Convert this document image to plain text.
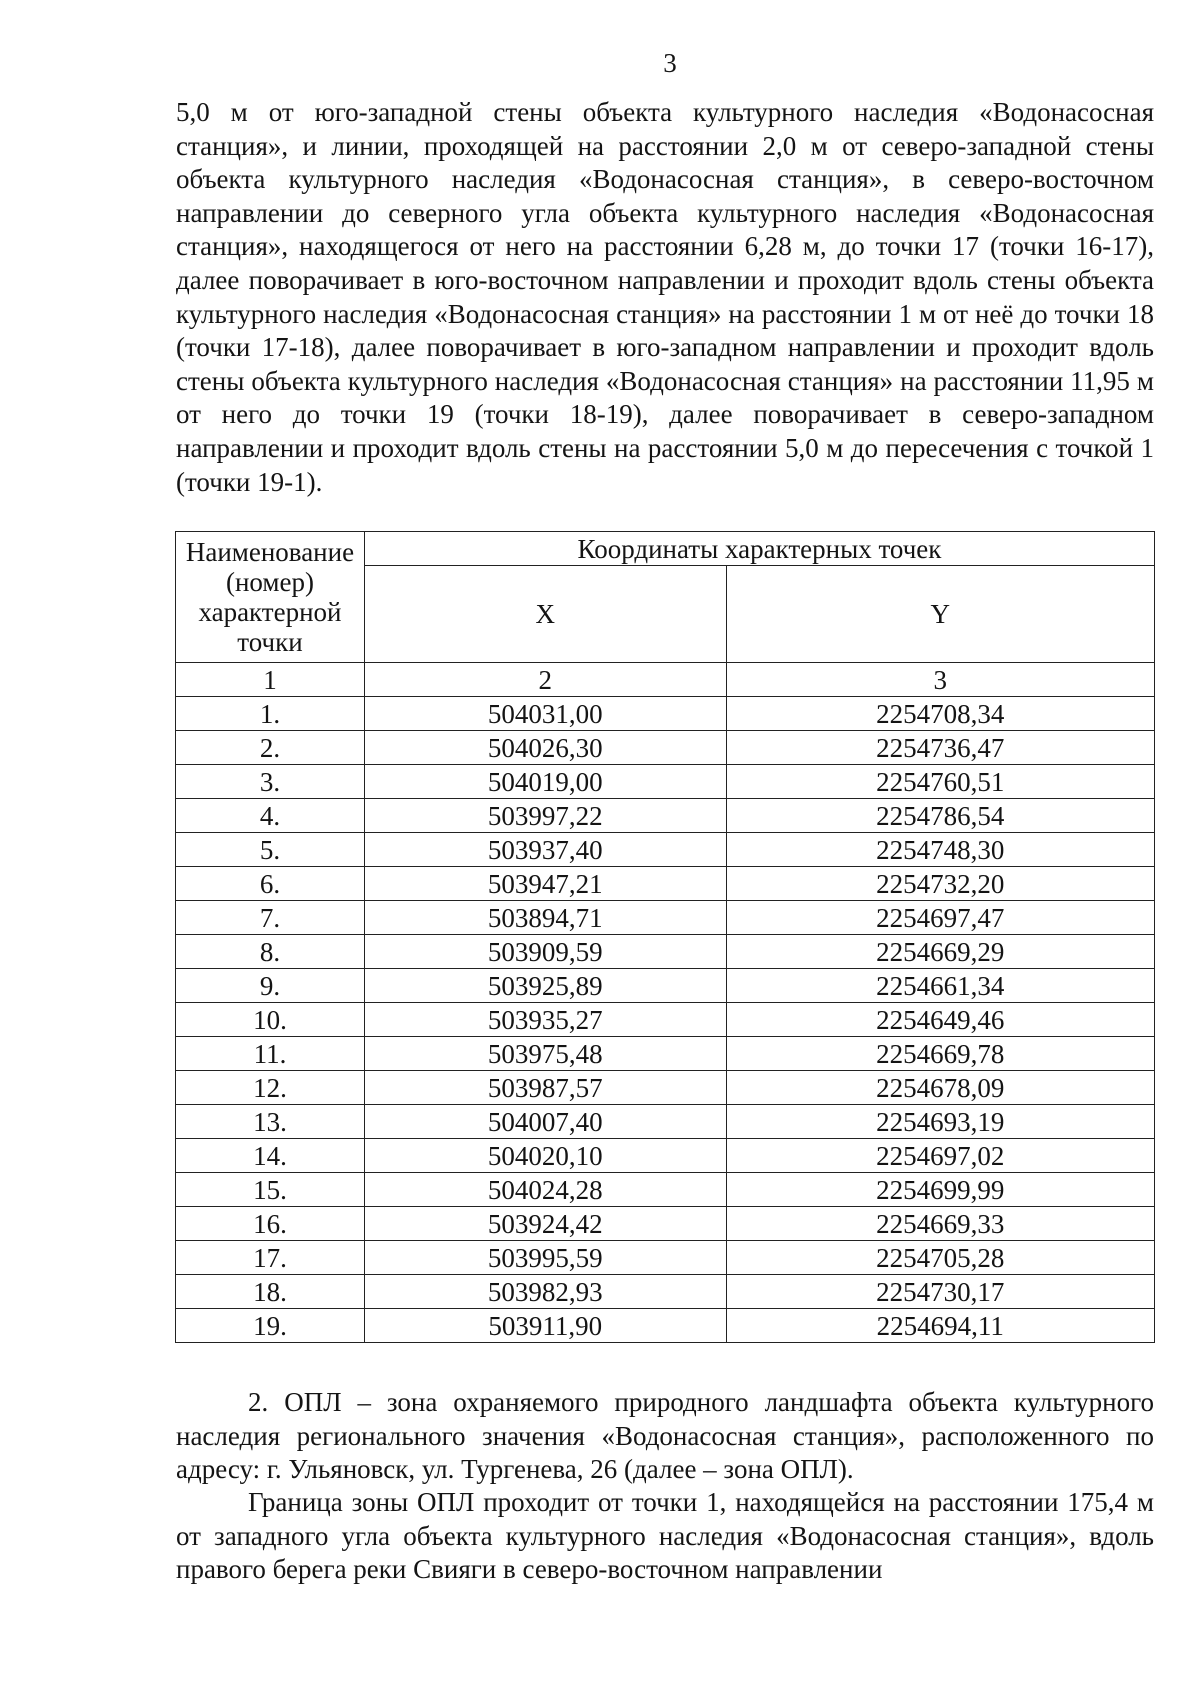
3

5,0 м от юго-западной стены объекта культурного наследия «Водонасосная станция», и линии, проходящей на расстоянии 2,0 м от северо-западной стены объекта культурного наследия «Водонасосная станция», в северо-восточном направлении до северного угла объекта культурного наследия «Водонасосная станция», находящегося от него на расстоянии 6,28 м, до точки 17 (точки 16-17), далее поворачивает в юго-восточном направлении и проходит вдоль стены объекта культурного наследия «Водонасосная станция» на расстоянии 1 м от неё до точки 18 (точки 17-18), далее поворачивает в юго-западном направлении и проходит вдоль стены объекта культурного наследия «Водонасосная станция» на расстоянии 11,95 м от него до точки 19 (точки 18-19), далее поворачивает в северо-западном направлении и проходит вдоль стены на расстоянии 5,0 м до пересечения с точкой 1 (точки 19-1).

Наименование (номер) характерной точки	Координаты характерных точек	
	X	Y
1	2	3
1.	504031,00	2254708,34
2.	504026,30	2254736,47
3.	504019,00	2254760,51
4.	503997,22	2254786,54
5.	503937,40	2254748,30
6.	503947,21	2254732,20
7.	503894,71	2254697,47
8.	503909,59	2254669,29
9.	503925,89	2254661,34
10.	503935,27	2254649,46
11.	503975,48	2254669,78
12.	503987,57	2254678,09
13.	504007,40	2254693,19
14.	504020,10	2254697,02
15.	504024,28	2254699,99
16.	503924,42	2254669,33
17.	503995,59	2254705,28
18.	503982,93	2254730,17
19.	503911,90	2254694,11

2. ОПЛ – зона охраняемого природного ландшафта объекта культурного наследия регионального значения «Водонасосная станция», расположенного по адресу: г. Ульяновск, ул. Тургенева, 26 (далее – зона ОПЛ).

Граница зоны ОПЛ проходит от точки 1, находящейся на расстоянии 175,4 м от западного угла объекта культурного наследия «Водонасосная станция», вдоль правого берега реки Свияги в северо-восточном направлении
